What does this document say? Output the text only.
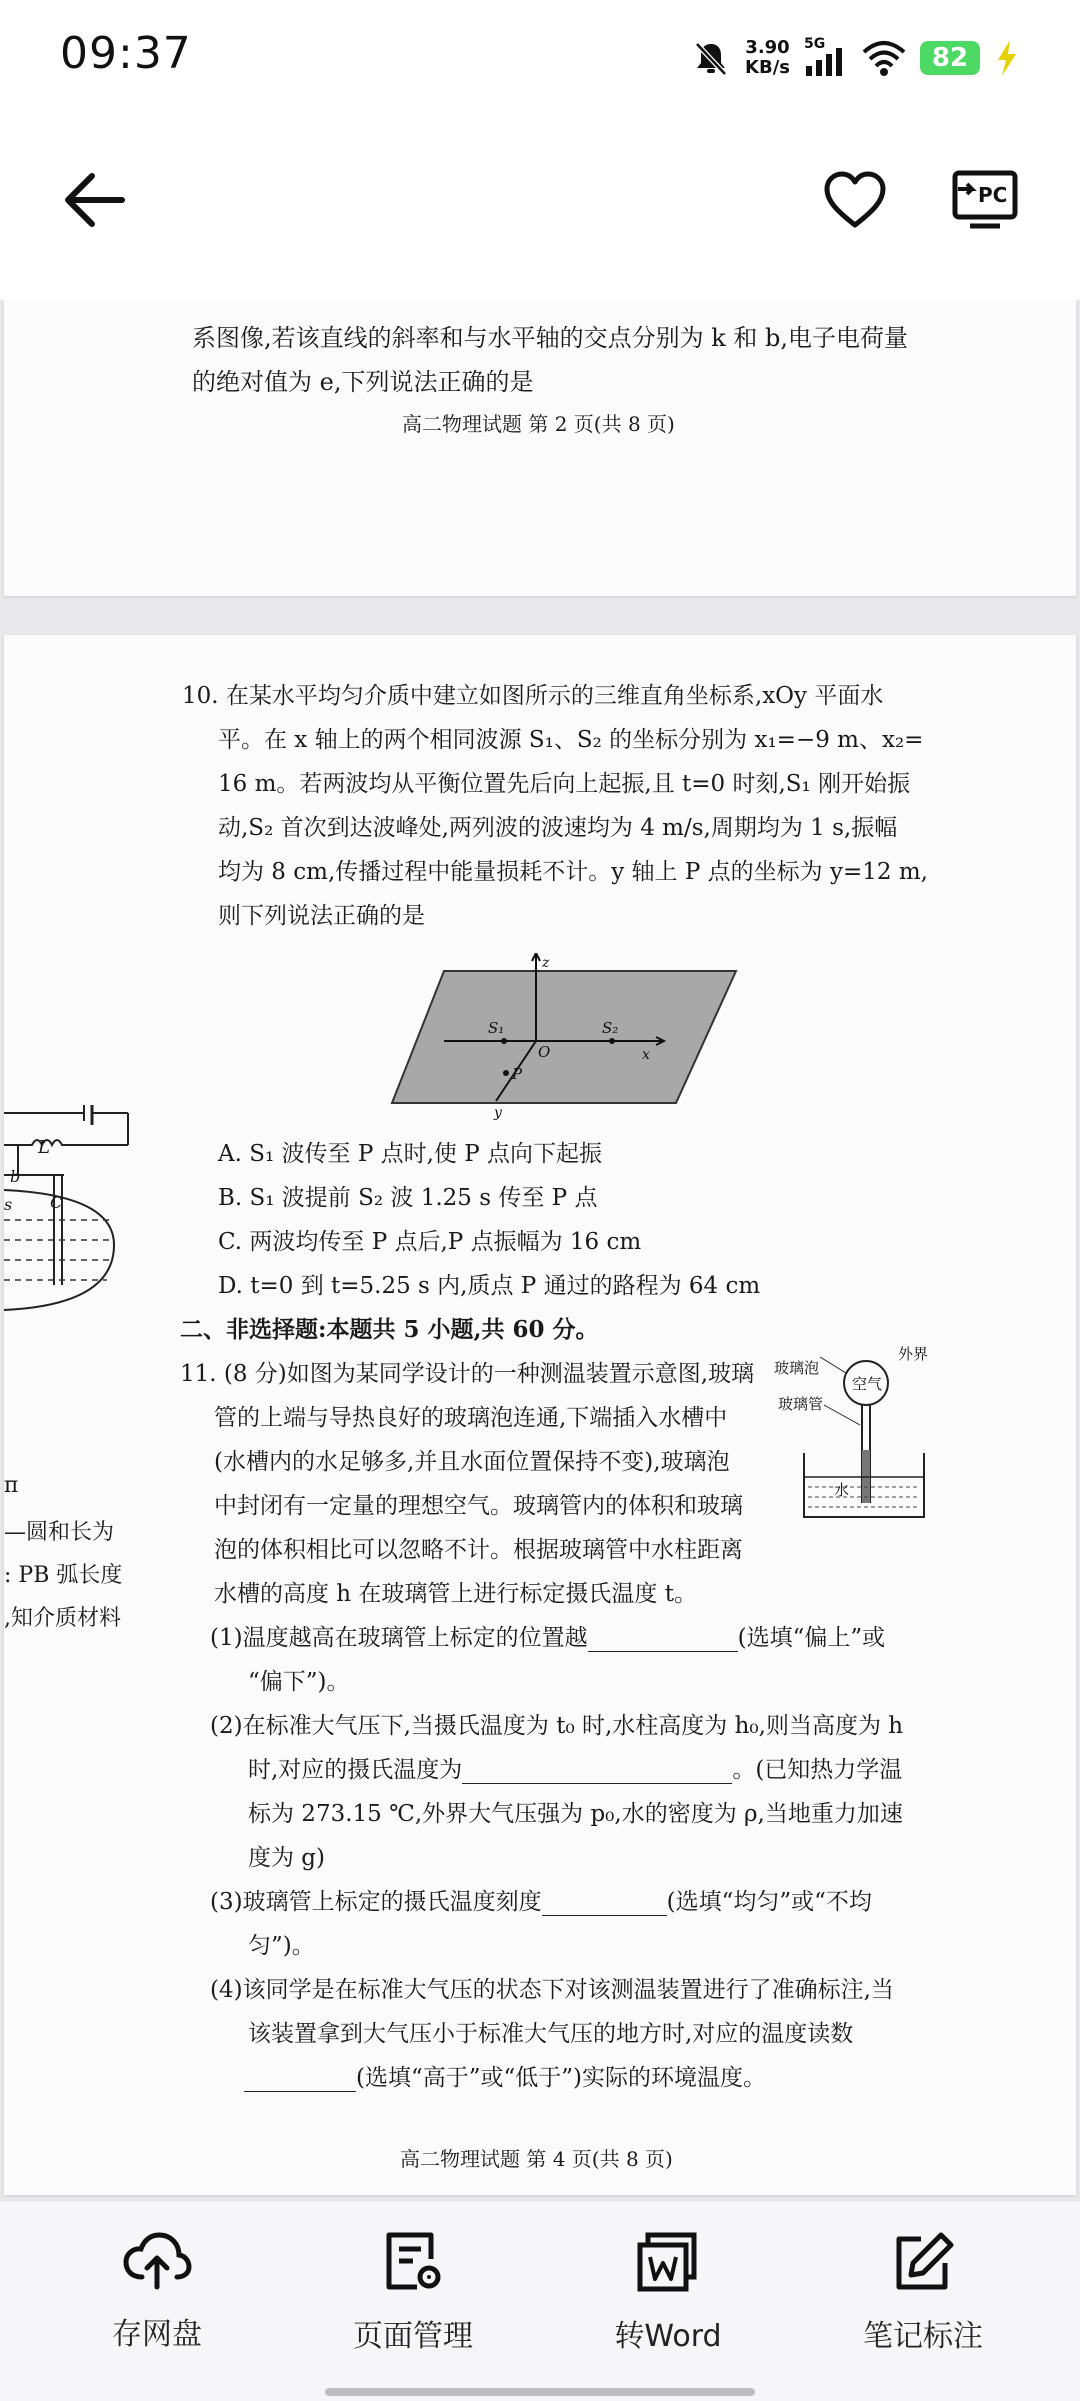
09:37	3.90
KB/s
5G	82
PC
系图像,若该直线的斜率和与水平轴的交点分别为 k 和 b,电子电荷量
的绝对值为 e,下列说法正确的是
高二物理试题 第 2 页(共 8 页)
L
b
C
s
п
—圆和长为
: PB 弧长度
,知介质材料
10. 在某水平均匀介质中建立如图所示的三维直角坐标系,xOy 平面水
平。在 x 轴上的两个相同波源 S₁、S₂ 的坐标分别为 x₁=−9 m、x₂=
16 m。若两波均从平衡位置先后向上起振,且 t=0 时刻,S₁ 刚开始振
动,S₂ 首次到达波峰处,两列波的波速均为 4 m/s,周期均为 1 s,振幅
均为 8 cm,传播过程中能量损耗不计。y 轴上 P 点的坐标为 y=12 m,
则下列说法正确的是
z
x
y
O
P
S₁	S₂
A. S₁ 波传至 P 点时,使 P 点向下起振
B. S₁ 波提前 S₂ 波 1.25 s 传至 P 点
C. 两波均传至 P 点后,P 点振幅为 16 cm
D. t=0 到 t=5.25 s 内,质点 P 通过的路程为 64 cm
二、非选择题:本题共 5 小题,共 60 分。
11. (8 分)如图为某同学设计的一种测温装置示意图,玻璃
管的上端与导热良好的玻璃泡连通,下端插入水槽中
(水槽内的水足够多,并且水面位置保持不变),玻璃泡
中封闭有一定量的理想空气。玻璃管内的体积和玻璃
泡的体积相比可以忽略不计。根据玻璃管中水柱距离
水槽的高度 h 在玻璃管上进行标定摄氏温度 t。
外界
玻璃泡
空气
玻璃管
水
(1)温度越高在玻璃管上标定的位置越	(选填“偏上”或
“偏下”)。
(2)在标准大气压下,当摄氏温度为 t₀ 时,水柱高度为 h₀,则当高度为 h
时,对应的摄氏温度为	。(已知热力学温
标为 273.15 ℃,外界大气压强为 p₀,水的密度为 ρ,当地重力加速
度为 g)
(3)玻璃管上标定的摄氏温度刻度	(选填“均匀”或“不均
匀”)。
(4)该同学是在标准大气压的状态下对该测温装置进行了准确标注,当
该装置拿到大气压小于标准大气压的地方时,对应的温度读数
(选填“高于”或“低于”)实际的环境温度。
高二物理试题 第 4 页(共 8 页)
存网盘	页面管理	转Word	笔记标注
